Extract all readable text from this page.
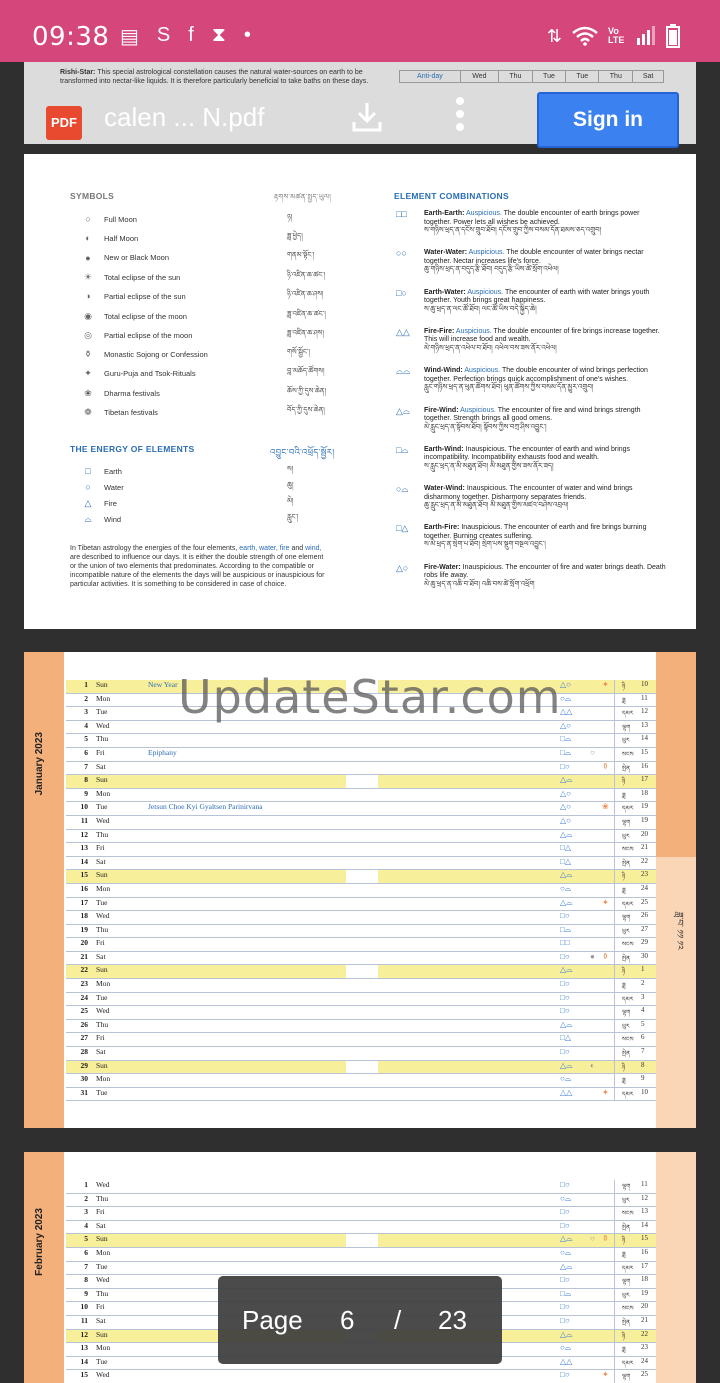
09:38 ▤ S f ⧗ •	⇅	Vo LTE
Rishi-Star: This special astrological constellation causes the natural water-sources on earth to be transformed into nectar-like liquids. It is therefore particularly beneficial to take baths on these days.
Anti-day	Wed	Thu	Tue	Tue	Thu	Sat
SYMBOLS	རྟགས་མཚན་སྤྱད་ཡུལ།
○	Full Moon	ཉ།
◐	Half Moon	ཟླ་ཕྱེད།
●	New or Black Moon	གནམ་སྟོང་།
☀ Total eclipse of the sun	ཉི་འཛིན་ཆ་ཚང་།
◑	Partial eclipse of the sun	ཉི་འཛིན་ཆ་ཤས།
◉ Total eclipse of the moon	ཟླ་འཛིན་ཆ་ཚང་།
◎ Partial eclipse of the moon	ཟླ་འཛིན་ཆ་ཤས།
⚱ Monastic Sojong or Confession	གསོ་སྦྱོང་།
✦ Guru-Puja and Tsok-Rituals	བླ་མཆོད་ཚོགས།
❀ Dharma festivals	ཆོས་ཀྱི་དུས་ཆེན།
❁ Tibetan festivals	བོད་ཀྱི་དུས་ཆེན།
THE ENERGY OF ELEMENTS	འབྱུང་བའི་འཕྲོད་སྦྱོར།
□	Earth	ས།
○	Water	ཆུ།
△	Fire	མེ།
⌓	Wind	རླུང་།
In Tibetan astrology the energies of the four elements, earth, water, fire and wind, are described to influence our days. It is either the double strength of one element or the union of two elements that predominates. According to the compatible or incompatible nature of the elements the days will be auspicious or inauspicious for particular activities. It is something to be considered in case of choice.
ELEMENT COMBINATIONS
□□	Earth-Earth: Auspicious. The double encounter of earth brings power together. Power lets all wishes be achieved.
ས་གཉིས་ཕྲད་ན་དངོས་གྲུབ་ཐོབ། དངོས་གྲུབ་ཀྱིས་བསམ་དོན་ཐམས་ཅད་འགྲུབ།
○○	Water-Water: Auspicious. The double encounter of water brings nectar together. Nectar increases life's force.
ཆུ་གཉིས་ཕྲད་ན་བདུད་རྩི་ཐོབ། བདུད་རྩི་ཡིས་ཚེ་སྲོག་འཕེལ།
□○	Earth-Water: Auspicious. The encounter of earth with water brings youth together. Youth brings great happiness.
ས་ཆུ་ཕྲད་ན་ལང་ཚོ་ཐོབ། ལང་ཚོ་ཡིས་བདེ་སྐྱིད་ཆེ།
△△	Fire-Fire: Auspicious. The double encounter of fire brings increase together. This will increase food and wealth.
མེ་གཉིས་ཕྲད་ན་འཕེལ་བ་ཐོབ། འཕེལ་བས་ཟས་ནོར་འཕེལ།
⌓⌓	Wind-Wind: Auspicious. The double encounter of wind brings perfection together. Perfection brings quick accomplishment of one's wishes.
རླུང་གཉིས་ཕྲད་ན་ཕུན་ཚོགས་ཐོབ། ཕུན་ཚོགས་ཀྱིས་བསམ་དོན་མྱུར་འགྲུབ།
△⌓	Fire-Wind: Auspicious. The encounter of fire and wind brings strength together. Strength brings all good omens.
མེ་རླུང་ཕྲད་ན་སྟོབས་ཐོབ། སྟོབས་ཀྱིས་བཀྲ་ཤིས་འབྱུང་།
□⌓	Earth-Wind: Inauspicious. The encounter of earth and wind brings incompatibility. Incompatibility exhausts food and wealth.
ས་རླུང་ཕྲད་ན་མི་མཐུན་ཐོབ། མི་མཐུན་གྱིས་ཟས་ནོར་ཟད།
○⌓	Water-Wind: Inauspicious. The encounter of water and wind brings disharmony together. Disharmony separates friends.
ཆུ་རླུང་ཕྲད་ན་མི་མཐུན་ཐོབ། མི་མཐུན་གྱིས་མཛའ་བཤེས་འབྲལ།
□△	Earth-Fire: Inauspicious. The encounter of earth and fire brings burning together. Burning creates suffering.
ས་མེ་ཕྲད་ན་སྲེག་པ་ཐོབ། སྲེག་པས་སྡུག་བསྔལ་འབྱུང་།
△○	Fire-Water: Inauspicious. The encounter of fire and water brings death. Death robs life away.
མེ་ཆུ་ཕྲད་ན་འཆི་བ་ཐོབ། འཆི་བས་ཚེ་སྲོག་འཕྲོག
January 2023
ཟླ་བ་ ༡༡ ༡༢
1 Sun	New Year	△○	✦ ཉི 10
2 Mon	○⌓	ཟླ 11
3 Tue	△△	དམར 12
4 Wed	△○	ལྷག 13
5 Thu	□⌓	ཕུར 14
6 Fri	Epiphany	□⌓ ○	སངས 15
7 Sat	□○	⚱ སྤེན 16
8 Sun	△⌓	ཉི 17
9 Mon	△○	ཟླ 18
10 Tue	Jetsun Choe Kyi Gyaltsen Parinirvana	△○	❀ དམར 19
11 Wed	△○	ལྷག 19
12 Thu	△⌓	ཕུར 20
13 Fri	□△	སངས 21
14 Sat	□△	སྤེན 22
15 Sun	△⌓	ཉི 23
16 Mon	○⌓	ཟླ 24
17 Tue	△⌓	✦ དམར 25
18 Wed	□○	ལྷག 26
19 Thu	□⌓	ཕུར 27
20 Fri	□□	སངས 29
21 Sat	□○	● ⚱ སྤེན 30
22 Sun	△⌓	ཉི 1
23 Mon	□○	ཟླ 2
24 Tue	□○	དམར 3
25 Wed	□○	ལྷག 4
26 Thu	△⌓	ཕུར 5
27 Fri	□△	སངས 6
28 Sat	□○	སྤེན 7
29 Sun	△⌓ ◐	ཉི 8
30 Mon	○⌓	ཟླ 9
31 Tue	△△	✦ དམར 10
February 2023
1 Wed	□○	ལྷག 11
2 Thu	○⌓	ཕུར 12
3 Fri	□○	སངས 13
4 Sat	□○	སྤེན 14
5 Sun	△⌓ ○ ⚱ ཉི 15
6 Mon	○⌓	ཟླ 16
7 Tue	△⌓	དམར 17
8 Wed	□○	ལྷག 18
9 Thu	□⌓	ཕུར 19
10 Fri	□○	སངས 20
11 Sat	□○	སྤེན 21
12 Sun	△⌓	ཉི 22
13 Mon	○⌓	ཟླ 23
14 Tue	△△	དམར 24
15 Wed	□○	✦ ལྷག 25
PDF calen ... N.pdf	Sign in
UpdateStar.com
Page 6 / 23
